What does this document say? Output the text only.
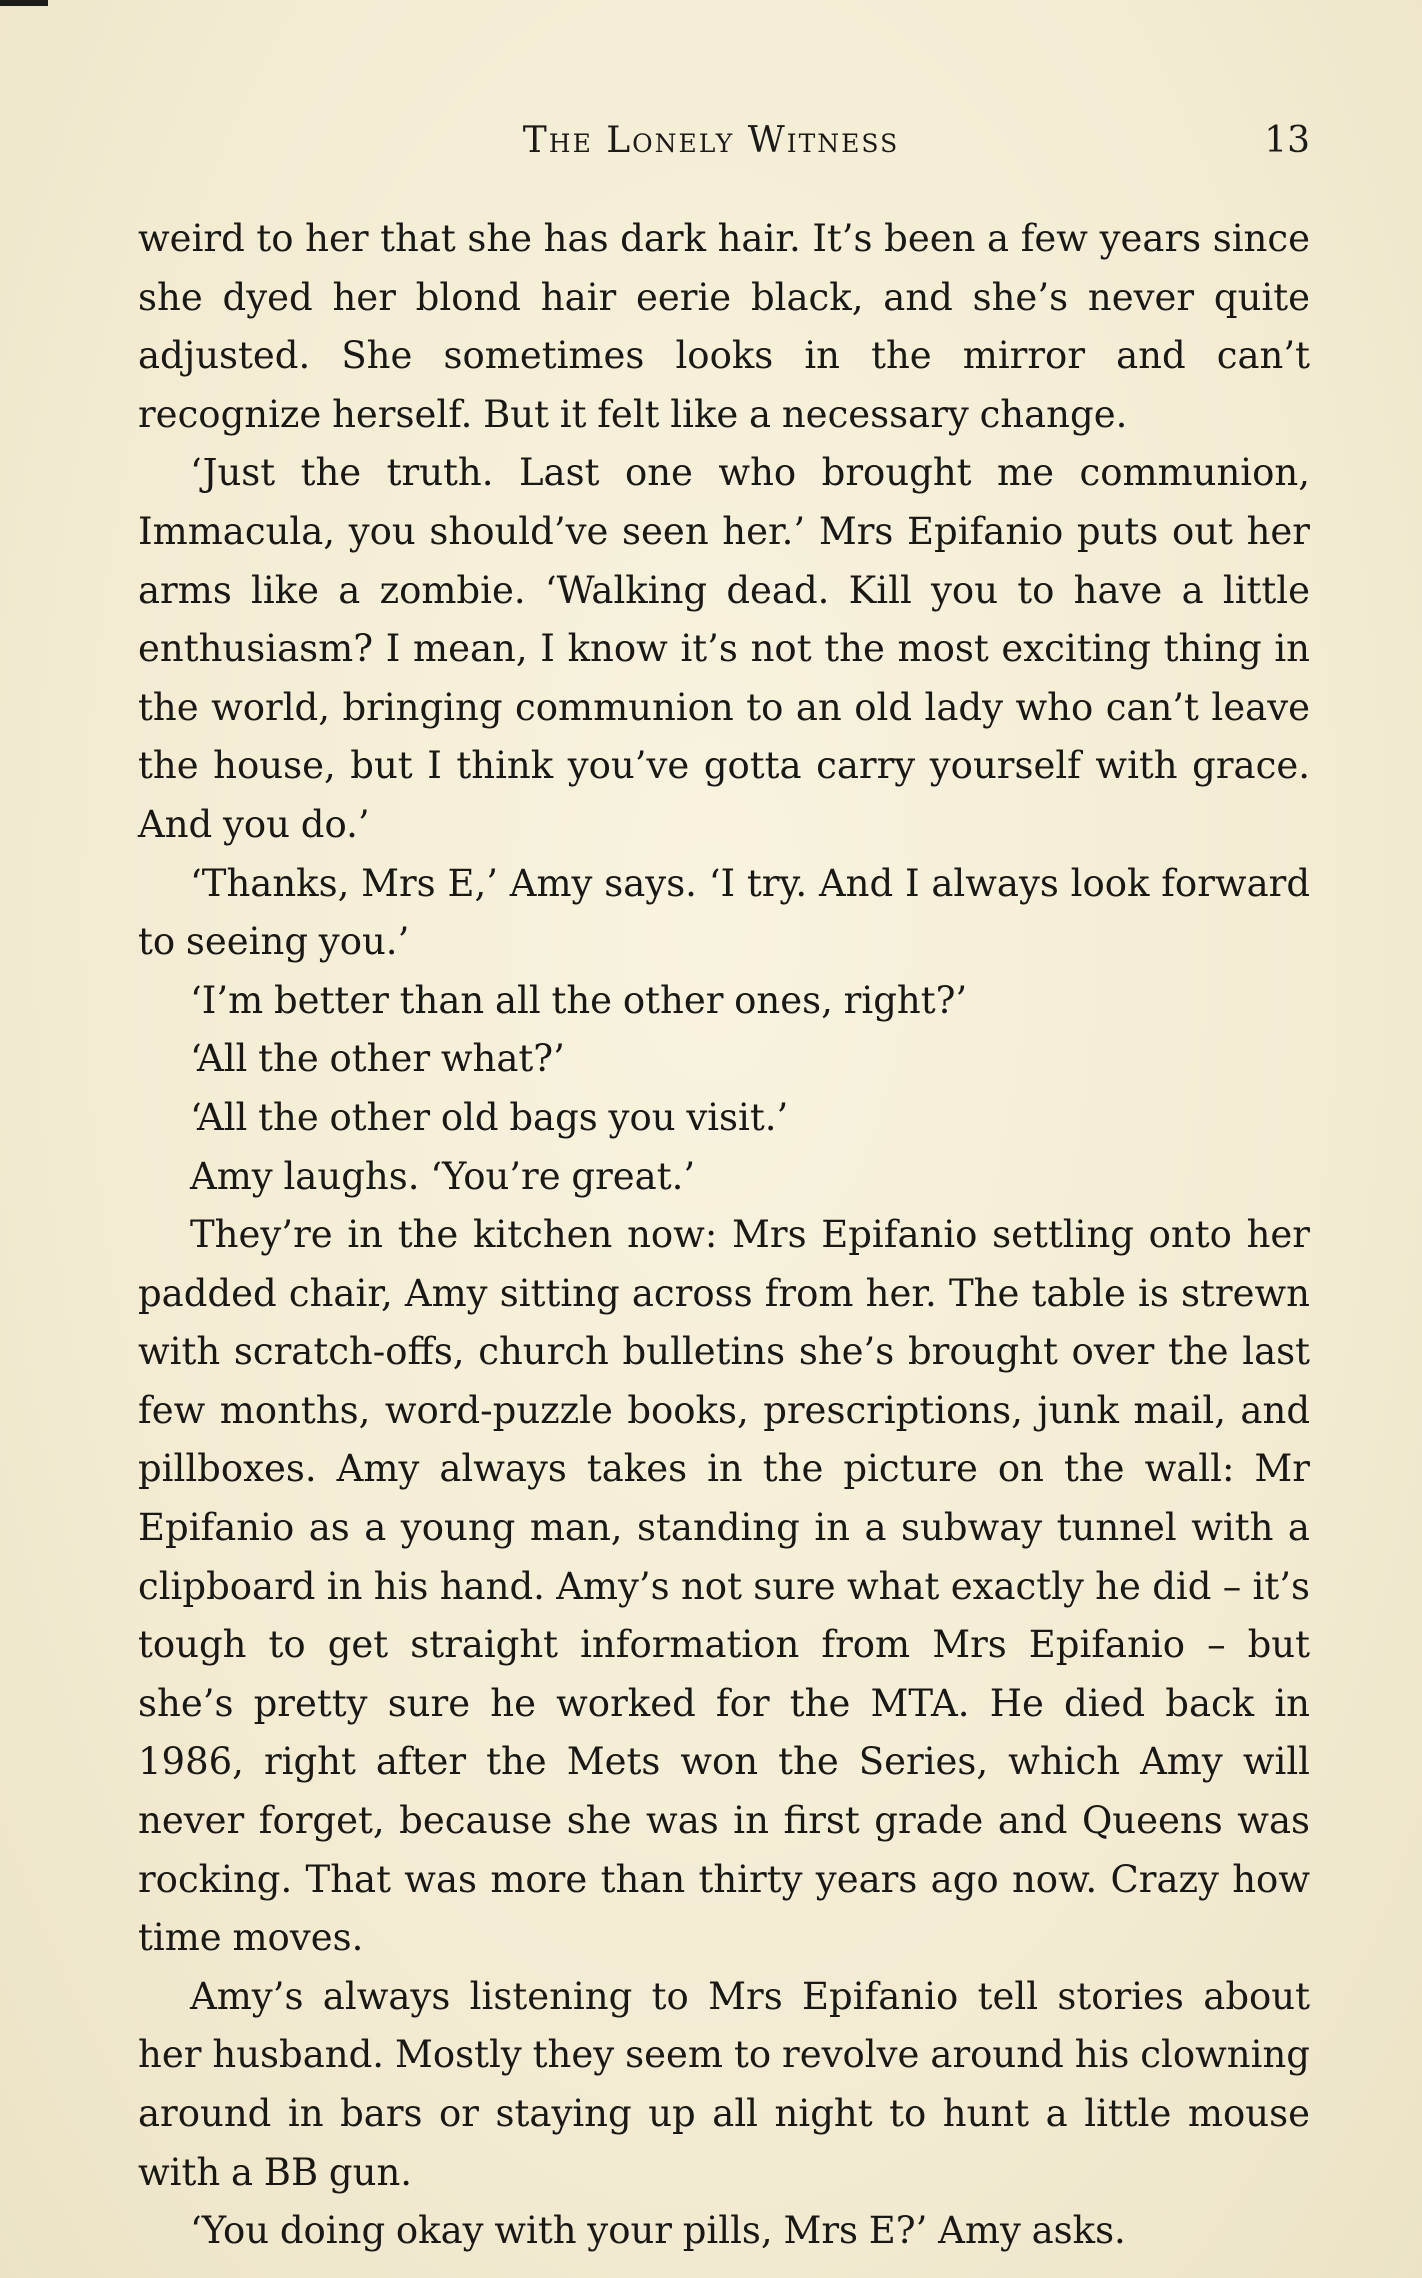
The Lonely Witness	13

weird to her that she has dark hair. It’s been a few years since she dyed her blond hair eerie black, and she’s never quite adjusted. She sometimes looks in the mirror and can’t recognize herself. But it felt like a necessary change.

‘Just the truth. Last one who brought me communion, Immacula, you should’ve seen her.’ Mrs Epifanio puts out her arms like a zombie. ‘Walking dead. Kill you to have a little enthusiasm? I mean, I know it’s not the most exciting thing in the world, bringing communion to an old lady who can’t leave the house, but I think you’ve gotta carry yourself with grace. And you do.’

‘Thanks, Mrs E,’ Amy says. ‘I try. And I always look forward to seeing you.’

‘I’m better than all the other ones, right?’

‘All the other what?’

‘All the other old bags you visit.’

Amy laughs. ‘You’re great.’

They’re in the kitchen now: Mrs Epifanio settling onto her padded chair, Amy sitting across from her. The table is strewn with scratch-offs, church bulletins she’s brought over the last few months, word-puzzle books, prescriptions, junk mail, and pillboxes. Amy always takes in the picture on the wall: Mr Epifanio as a young man, standing in a subway tunnel with a clipboard in his hand. Amy’s not sure what exactly he did – it’s tough to get straight information from Mrs Epifanio – but she’s pretty sure he worked for the MTA. He died back in 1986, right after the Mets won the Series, which Amy will never forget, because she was in first grade and Queens was rocking. That was more than thirty years ago now. Crazy how time moves.

Amy’s always listening to Mrs Epifanio tell stories about her husband. Mostly they seem to revolve around his clowning around in bars or staying up all night to hunt a little mouse with a BB gun.

‘You doing okay with your pills, Mrs E?’ Amy asks.
